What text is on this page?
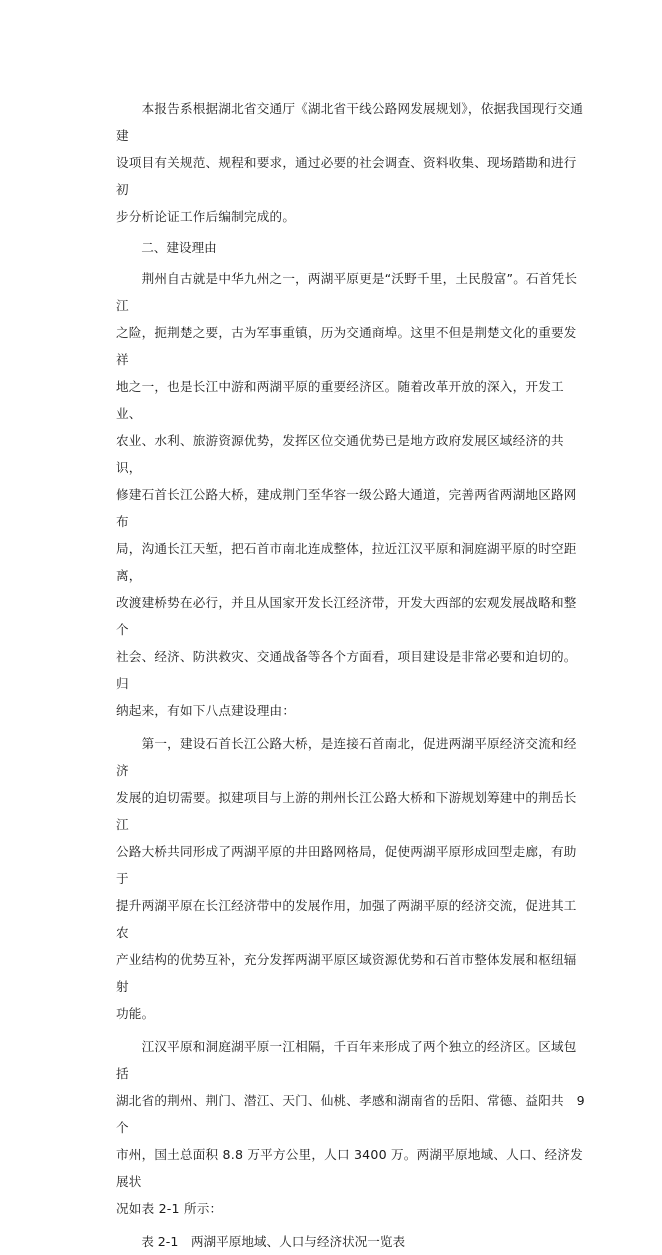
　　本报告系根据湖北省交通厅《湖北省干线公路网发展规划》，依据我国现行交通建
设项目有关规范、规程和要求，通过必要的社会调查、资料收集、现场踏勘和进行初
步分析论证工作后编制完成的。

　　二、建设理由

　　荆州自古就是中华九州之一，两湖平原更是“沃野千里，土民殷富”。石首凭长江
之险，扼荆楚之要，古为军事重镇，历为交通商埠。这里不但是荆楚文化的重要发祥
地之一，也是长江中游和两湖平原的重要经济区。随着改革开放的深入，开发工业、
农业、水利、旅游资源优势，发挥区位交通优势已是地方政府发展区域经济的共识，
修建石首长江公路大桥，建成荆门至华容一级公路大通道，完善两省两湖地区路网布
局，沟通长江天堑，把石首市南北连成整体，拉近江汉平原和洞庭湖平原的时空距离，
改渡建桥势在必行，并且从国家开发长江经济带，开发大西部的宏观发展战略和整个
社会、经济、防洪救灾、交通战备等各个方面看，项目建设是非常必要和迫切的。归
纳起来，有如下八点建设理由：

　　第一，建设石首长江公路大桥，是连接石首南北，促进两湖平原经济交流和经济
发展的迫切需要。拟建项目与上游的荆州长江公路大桥和下游规划筹建中的荆岳长江
公路大桥共同形成了两湖平原的井田路网格局，促使两湖平原形成回型走廊，有助于
提升两湖平原在长江经济带中的发展作用，加强了两湖平原的经济交流，促进其工农
产业结构的优势互补，充分发挥两湖平原区域资源优势和石首市整体发展和枢纽辐射
功能。

　　江汉平原和洞庭湖平原一江相隔，千百年来形成了两个独立的经济区。区域包括
湖北省的荆州、荆门、潜江、天门、仙桃、孝感和湖南省的岳阳、常德、益阳共　9 个
市州，国土总面积 8.8 万平方公里，人口 3400 万。两湖平原地域、人口、经济发展状
况如表 2-1 所示：

　　表 2-1　两湖平原地域、人口与经济状况一览表
